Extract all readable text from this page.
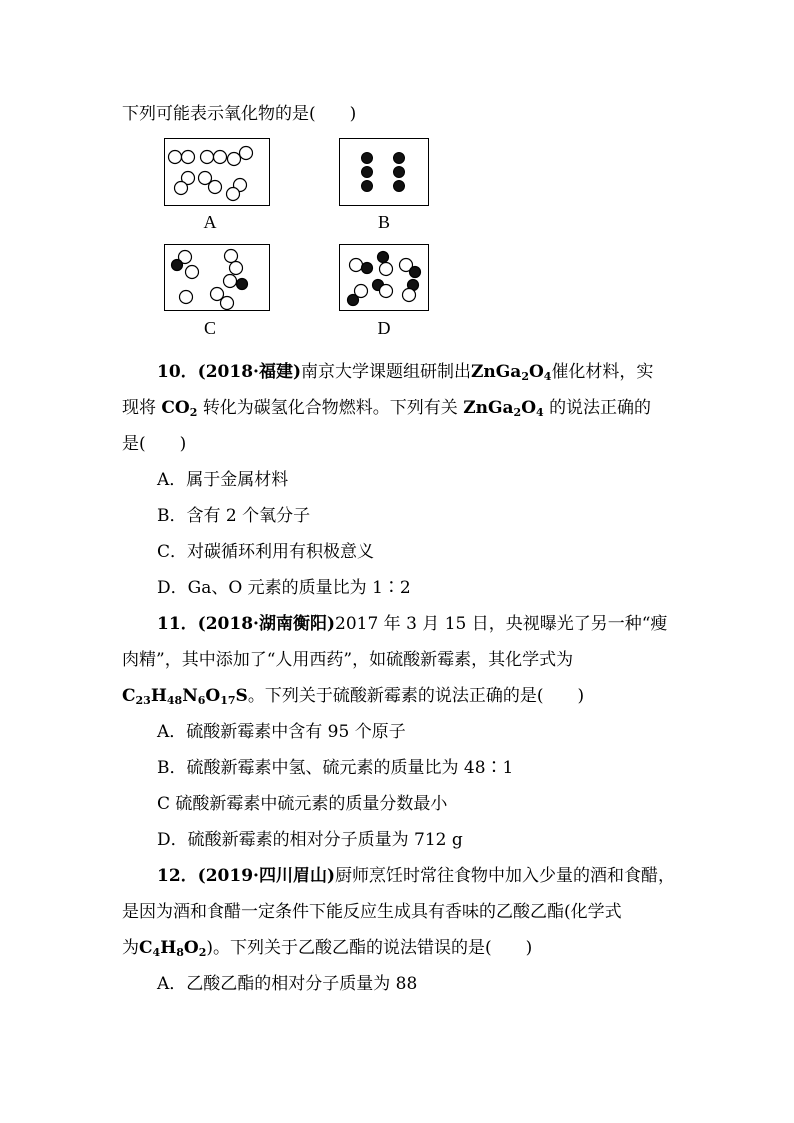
下列可能表示氧化物的是(　　)
A	B
C	D
10．(2018·福建)南京大学课题组研制出$ZnGa_2O_4$催化材料，实
现将 $CO_2$ 转化为碳氢化合物燃料。下列有关 $ZnGa_2O_4$ 的说法正确的
是(　　)
A．属于金属材料
B．含有 2 个氧分子
C．对碳循环利用有积极意义
D．Ga、O 元素的质量比为 1∶2
11．(2018·湖南衡阳)2017 年 3 月 15 日，央视曝光了另一种“瘦
肉精”，其中添加了“人用西药”，如硫酸新霉素，其化学式为
$C_{23}H_{48}N_6O_{17}S$。下列关于硫酸新霉素的说法正确的是(　　)
A．硫酸新霉素中含有 95 个原子
B．硫酸新霉素中氢、硫元素的质量比为 48∶1
C 硫酸新霉素中硫元素的质量分数最小
D．硫酸新霉素的相对分子质量为 712 g
12．(2019·四川眉山)厨师烹饪时常往食物中加入少量的酒和食醋，
是因为酒和食醋一定条件下能反应生成具有香味的乙酸乙酯(化学式
为$C_4H_8O_2$)。下列关于乙酸乙酯的说法错误的是(　　)
A．乙酸乙酯的相对分子质量为 88
